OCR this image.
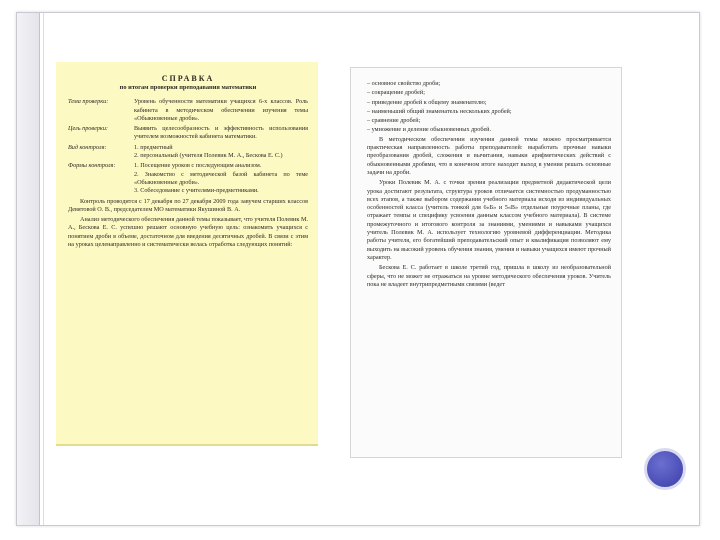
СПРАВКА
по итогам проверки преподавания математики
Тема проверки:	Уровень обученности математики учащихся 6-х классов. Роль кабинета в методическом обеспечении изучения темы «Обыкновенные дроби».
Цель проверки:	Выявить целесообразность и эффективность использования учителем возможностей кабинета математики.
Вид контроля:	1. предметный
2. персональный (учителя Полевик М. А., Бескова Е. С.)
Формы контроля:	1. Посещение уроков с последующим анализом.
2. Знакомство с методической базой кабинета по теме «Обыкновенные дроби».
3. Собеседование с учителями-предметниками.
Контроль проводится с 17 декабря по 27 декабря 2009 года завучем старших классов Девятовой О. В., председателем МО математики Якушиной В. А.
Анализ методического обеспечения данной темы показывает, что учителя Полевик М. А., Бескова Е. С. успешно решают основную учебную цель: ознакомить учащихся с понятием дроби в объеме, достаточном для введения десятичных дробей. В связи с этим на уроках целенаправленно и систематически велась отработка следующих понятий:
– основное свойство дроби;
– сокращение дробей;
– приведение дробей к общему знаменателю;
– наименьший общий знаменатель нескольких дробей;
– сравнение дробей;
– умножение и деление обыкновенных дробей.
В методическом обеспечении изучения данной темы можно просматривается практическая направленность работы преподавателей: выработать прочные навыки преобразования дробей, сложения и вычитания, навыки арифметических действий с обыкновенными дробями, что в конечном итоге находит выход в умения решать основные задачи на дроби.
Уроки Полевик М. А. с точки зрения реализации предметной дидактической цели урока достигают результата, структура уроков отличается системностью продуманностью всех этапов, а также выбором содержания учебного материала исходя из индивидуальных особенностей класса (учитель тонкой для 6«Б» и 5«В» отдельные поурочные планы, где отражает темпы и специфику усвоения данным классом учебного материала). В системе промежуточного и итогового контроля за знаниями, умениями и навыками учащихся учитель Полевик М. А. использует технологию уровневой дифференциации. Методика работы учителя, его богатейший преподавательский опыт и квалификация позволяют ему выходить на высокий уровень обучения знания, умения и навыки учащихся имеют прочный характер.
Бескова Е. С. работает в школе третий год, пришла в школу из необразовательной сферы, что не может не отражаться на уровне методического обеспечения уроков. Учитель пока не владеет внутрипредметными связями (ведет
